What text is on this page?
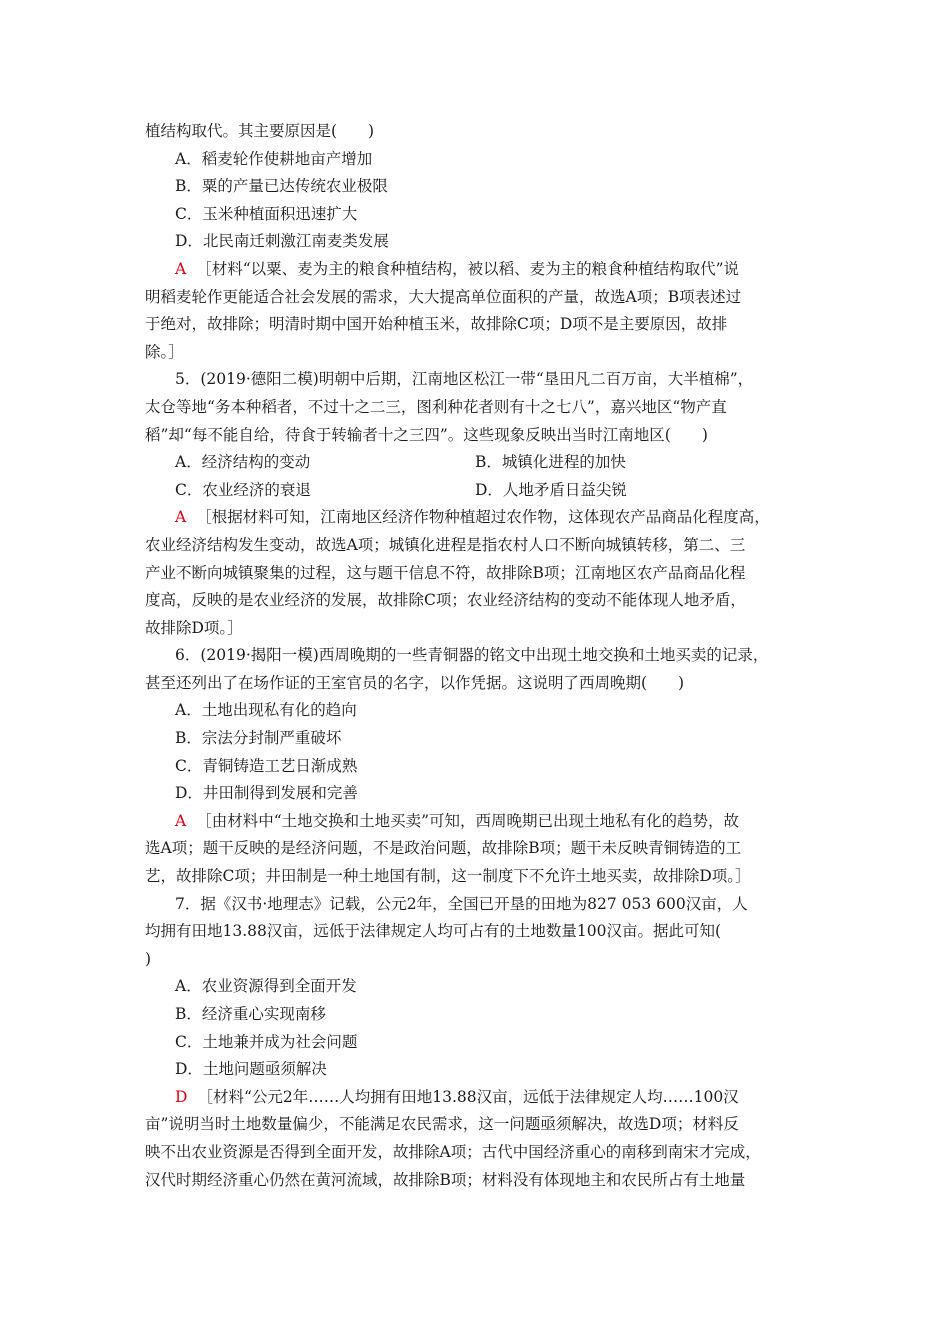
植结构取代。其主要原因是(　　)
A．稻麦轮作使耕地亩产增加
B．粟的产量已达传统农业极限
C．玉米种植面积迅速扩大
D．北民南迁刺激江南麦类发展
A ［材料“以粟、麦为主的粮食种植结构，被以稻、麦为主的粮食种植结构取代”说
明稻麦轮作更能适合社会发展的需求，大大提高单位面积的产量，故选A项；B项表述过
于绝对，故排除；明清时期中国开始种植玉米，故排除C项；D项不是主要原因，故排
除。］
5．(2019·德阳二模)明朝中后期，江南地区松江一带“垦田凡二百万亩，大半植棉”，
太仓等地“务本种稻者，不过十之二三，图利种花者则有十之七八”，嘉兴地区“物产直
稻”却“每不能自给，待食于转输者十之三四”。这些现象反映出当时江南地区(　　)
A．经济结构的变动	B．城镇化进程的加快
C．农业经济的衰退	D．人地矛盾日益尖锐
A ［根据材料可知，江南地区经济作物种植超过农作物，这体现农产品商品化程度高，
农业经济结构发生变动，故选A项；城镇化进程是指农村人口不断向城镇转移，第二、三
产业不断向城镇聚集的过程，这与题干信息不符，故排除B项；江南地区农产品商品化程
度高，反映的是农业经济的发展，故排除C项；农业经济结构的变动不能体现人地矛盾，
故排除D项。］
6．(2019·揭阳一模)西周晚期的一些青铜器的铭文中出现土地交换和土地买卖的记录，
甚至还列出了在场作证的王室官员的名字，以作凭据。这说明了西周晚期(　　)
A．土地出现私有化的趋向
B．宗法分封制严重破坏
C．青铜铸造工艺日渐成熟
D．井田制得到发展和完善
A ［由材料中“土地交换和土地买卖”可知，西周晚期已出现土地私有化的趋势，故
选A项；题干反映的是经济问题，不是政治问题，故排除B项；题干未反映青铜铸造的工
艺，故排除C项；井田制是一种土地国有制，这一制度下不允许土地买卖，故排除D项。］
7．据《汉书·地理志》记载，公元2年，全国已开垦的田地为827 053 600汉亩，人
均拥有田地13.88汉亩，远低于法律规定人均可占有的土地数量100汉亩。据此可知(
)
A．农业资源得到全面开发
B．经济重心实现南移
C．土地兼并成为社会问题
D．土地问题亟须解决
D ［材料“公元2年……人均拥有田地13.88汉亩，远低于法律规定人均……100汉
亩”说明当时土地数量偏少，不能满足农民需求，这一问题亟须解决，故选D项；材料反
映不出农业资源是否得到全面开发，故排除A项；古代中国经济重心的南移到南宋才完成，
汉代时期经济重心仍然在黄河流域，故排除B项；材料没有体现地主和农民所占有土地量
